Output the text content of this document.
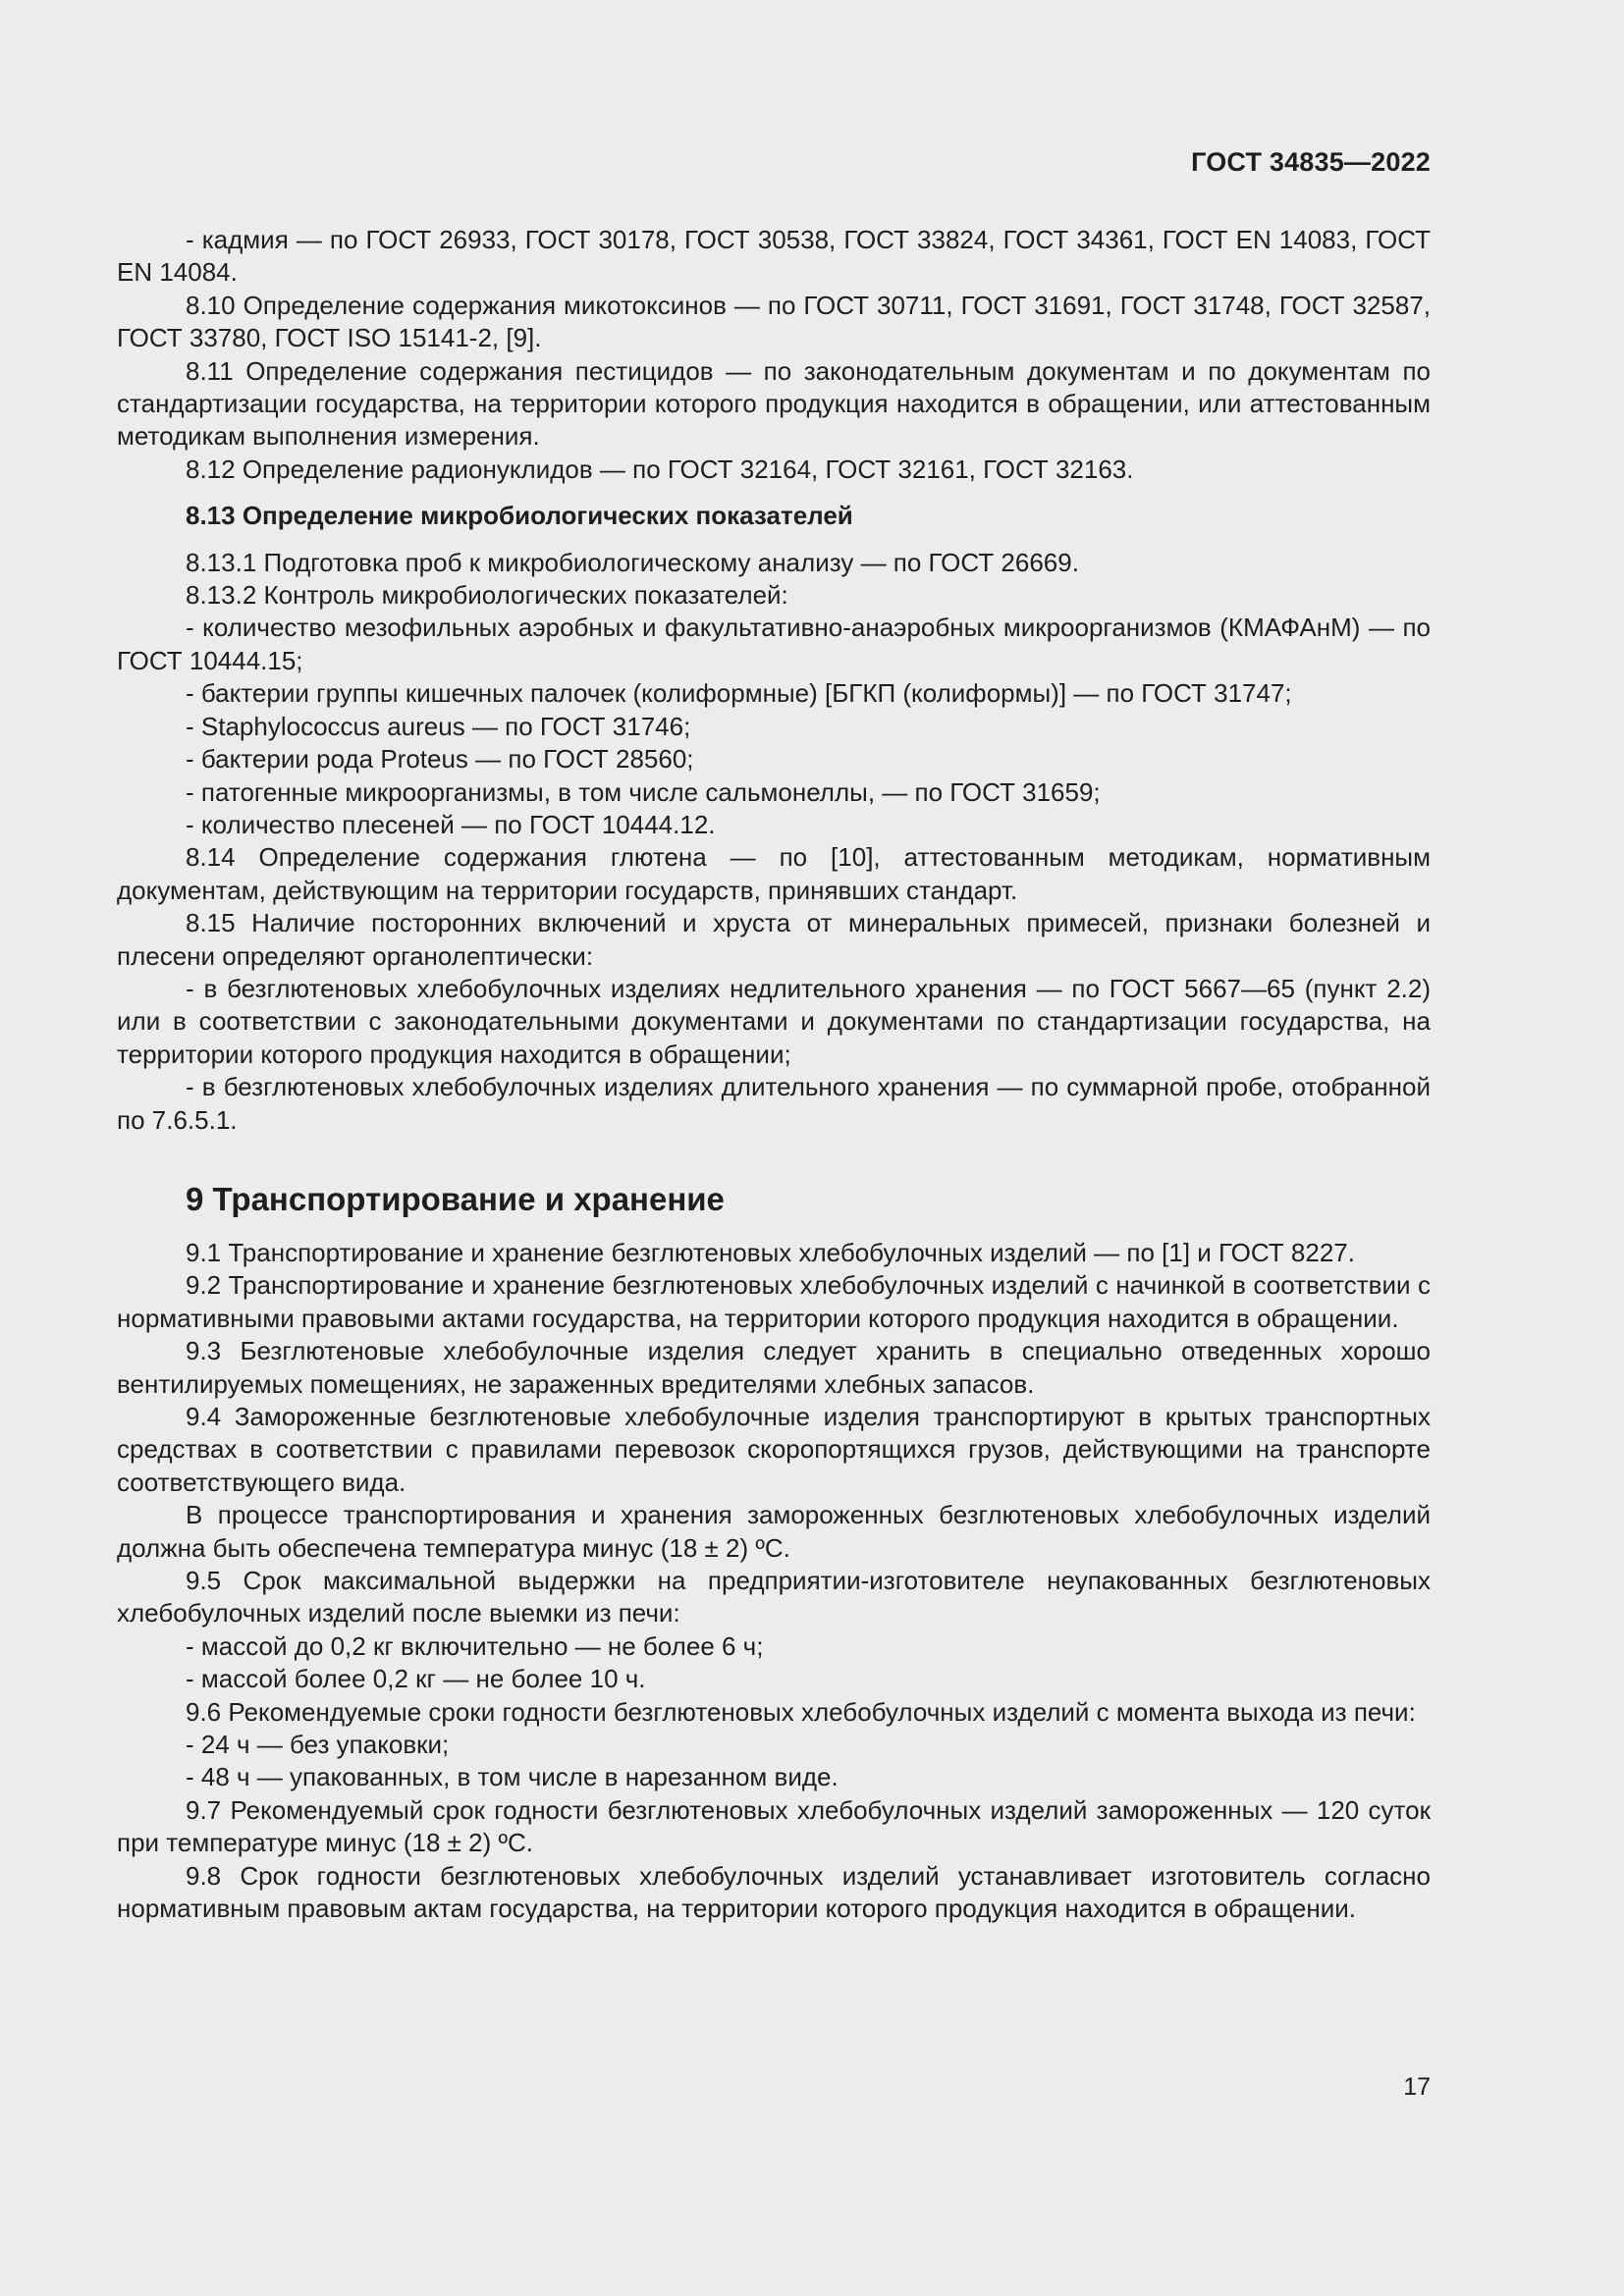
ГОСТ 34835—2022

- кадмия — по ГОСТ 26933, ГОСТ 30178, ГОСТ 30538, ГОСТ 33824, ГОСТ 34361, ГОСТ EN 14083, ГОСТ EN 14084.

8.10 Определение содержания микотоксинов — по ГОСТ 30711, ГОСТ 31691, ГОСТ 31748, ГОСТ 32587, ГОСТ 33780, ГОСТ ISO 15141-2, [9].

8.11 Определение содержания пестицидов — по законодательным документам и по документам по стандартизации государства, на территории которого продукция находится в обращении, или аттестованным методикам выполнения измерения.

8.12 Определение радионуклидов — по ГОСТ 32164, ГОСТ 32161, ГОСТ 32163.

8.13 Определение микробиологических показателей

8.13.1 Подготовка проб к микробиологическому анализу — по ГОСТ 26669.

8.13.2 Контроль микробиологических показателей:

- количество мезофильных аэробных и факультативно-анаэробных микроорганизмов (КМАФАнМ) — по ГОСТ 10444.15;

- бактерии группы кишечных палочек (колиформные) [БГКП (колиформы)] — по ГОСТ 31747;

- Staphylococcus aureus — по ГОСТ 31746;

- бактерии рода Proteus — по ГОСТ 28560;

- патогенные микроорганизмы, в том числе сальмонеллы, — по ГОСТ 31659;

- количество плесеней — по ГОСТ 10444.12.

8.14 Определение содержания глютена — по [10], аттестованным методикам, нормативным документам, действующим на территории государств, принявших стандарт.

8.15 Наличие посторонних включений и хруста от минеральных примесей, признаки болезней и плесени определяют органолептически:

- в безглютеновых хлебобулочных изделиях недлительного хранения — по ГОСТ 5667—65 (пункт 2.2) или в соответствии с законодательными документами и документами по стандартизации государства, на территории которого продукция находится в обращении;

- в безглютеновых хлебобулочных изделиях длительного хранения — по суммарной пробе, отобранной по 7.6.5.1.

9 Транспортирование и хранение

9.1 Транспортирование и хранение безглютеновых хлебобулочных изделий — по [1] и ГОСТ 8227.

9.2 Транспортирование и хранение безглютеновых хлебобулочных изделий с начинкой в соответствии с нормативными правовыми актами государства, на территории которого продукция находится в обращении.

9.3 Безглютеновые хлебобулочные изделия следует хранить в специально отведенных хорошо вентилируемых помещениях, не зараженных вредителями хлебных запасов.

9.4 Замороженные безглютеновые хлебобулочные изделия транспортируют в крытых транспортных средствах в соответствии с правилами перевозок скоропортящихся грузов, действующими на транспорте соответствующего вида.

В процессе транспортирования и хранения замороженных безглютеновых хлебобулочных изделий должна быть обеспечена температура минус (18 ± 2) ºС.

9.5 Срок максимальной выдержки на предприятии-изготовителе неупакованных безглютеновых хлебобулочных изделий после выемки из печи:

- массой до 0,2 кг включительно — не более 6 ч;

- массой более 0,2 кг — не более 10 ч.

9.6 Рекомендуемые сроки годности безглютеновых хлебобулочных изделий с момента выхода из печи:

- 24 ч — без упаковки;

- 48 ч — упакованных, в том числе в нарезанном виде.

9.7 Рекомендуемый срок годности безглютеновых хлебобулочных изделий замороженных — 120 суток при температуре минус (18 ± 2) ºС.

9.8 Срок годности безглютеновых хлебобулочных изделий устанавливает изготовитель согласно нормативным правовым актам государства, на территории которого продукция находится в обращении.

17
